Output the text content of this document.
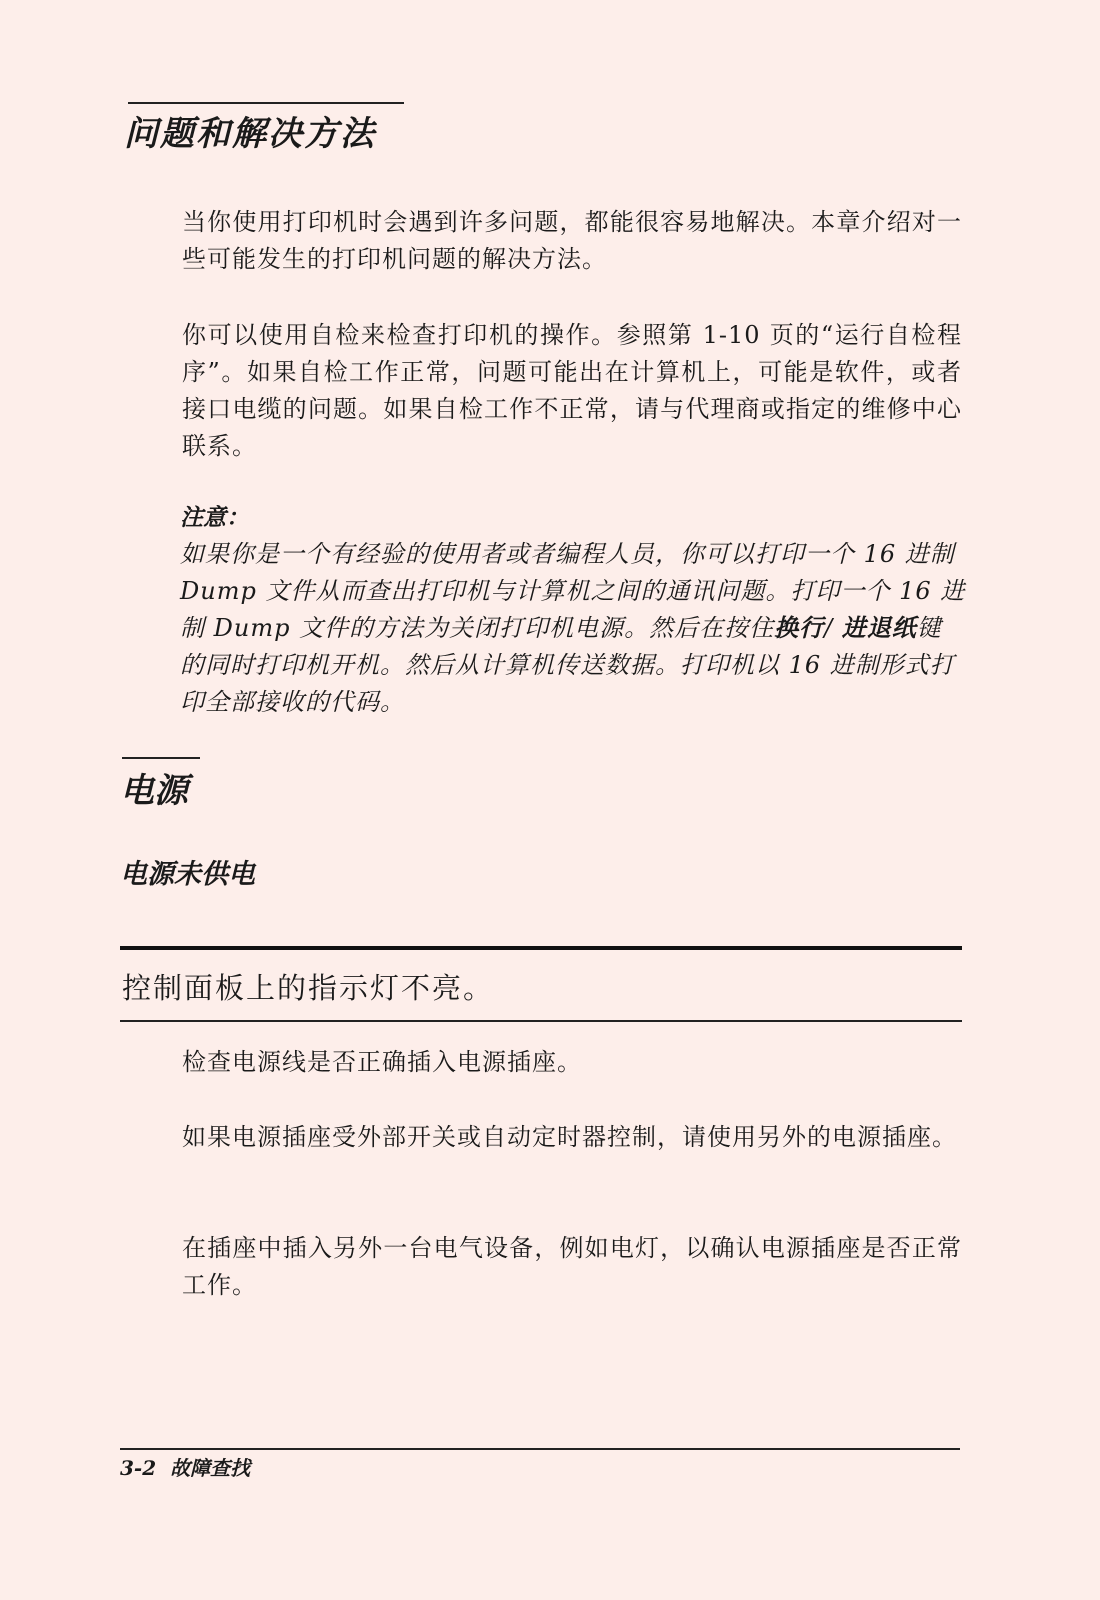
问题和解决方法

当你使用打印机时会遇到许多问题，都能很容易地解决。本章介绍对一些可能发生的打印机问题的解决方法。

你可以使用自检来检查打印机的操作。参照第 1-10 页的“运行自检程序”。如果自检工作正常，问题可能出在计算机上，可能是软件，或者接口电缆的问题。如果自检工作不正常，请与代理商或指定的维修中心联系。

注意：

如果你是一个有经验的使用者或者编程人员，你可以打印一个 16 进制 Dump 文件从而查出打印机与计算机之间的通讯问题。打印一个 16 进制 Dump 文件的方法为关闭打印机电源。然后在按住换行/ 进退纸键的同时打印机开机。然后从计算机传送数据。打印机以 16 进制形式打印全部接收的代码。

电源
电源未供电

控制面板上的指示灯不亮。

检查电源线是否正确插入电源插座。

如果电源插座受外部开关或自动定时器控制，请使用另外的电源插座。

在插座中插入另外一台电气设备，例如电灯，以确认电源插座是否正常工作。

3-2 故障查找
